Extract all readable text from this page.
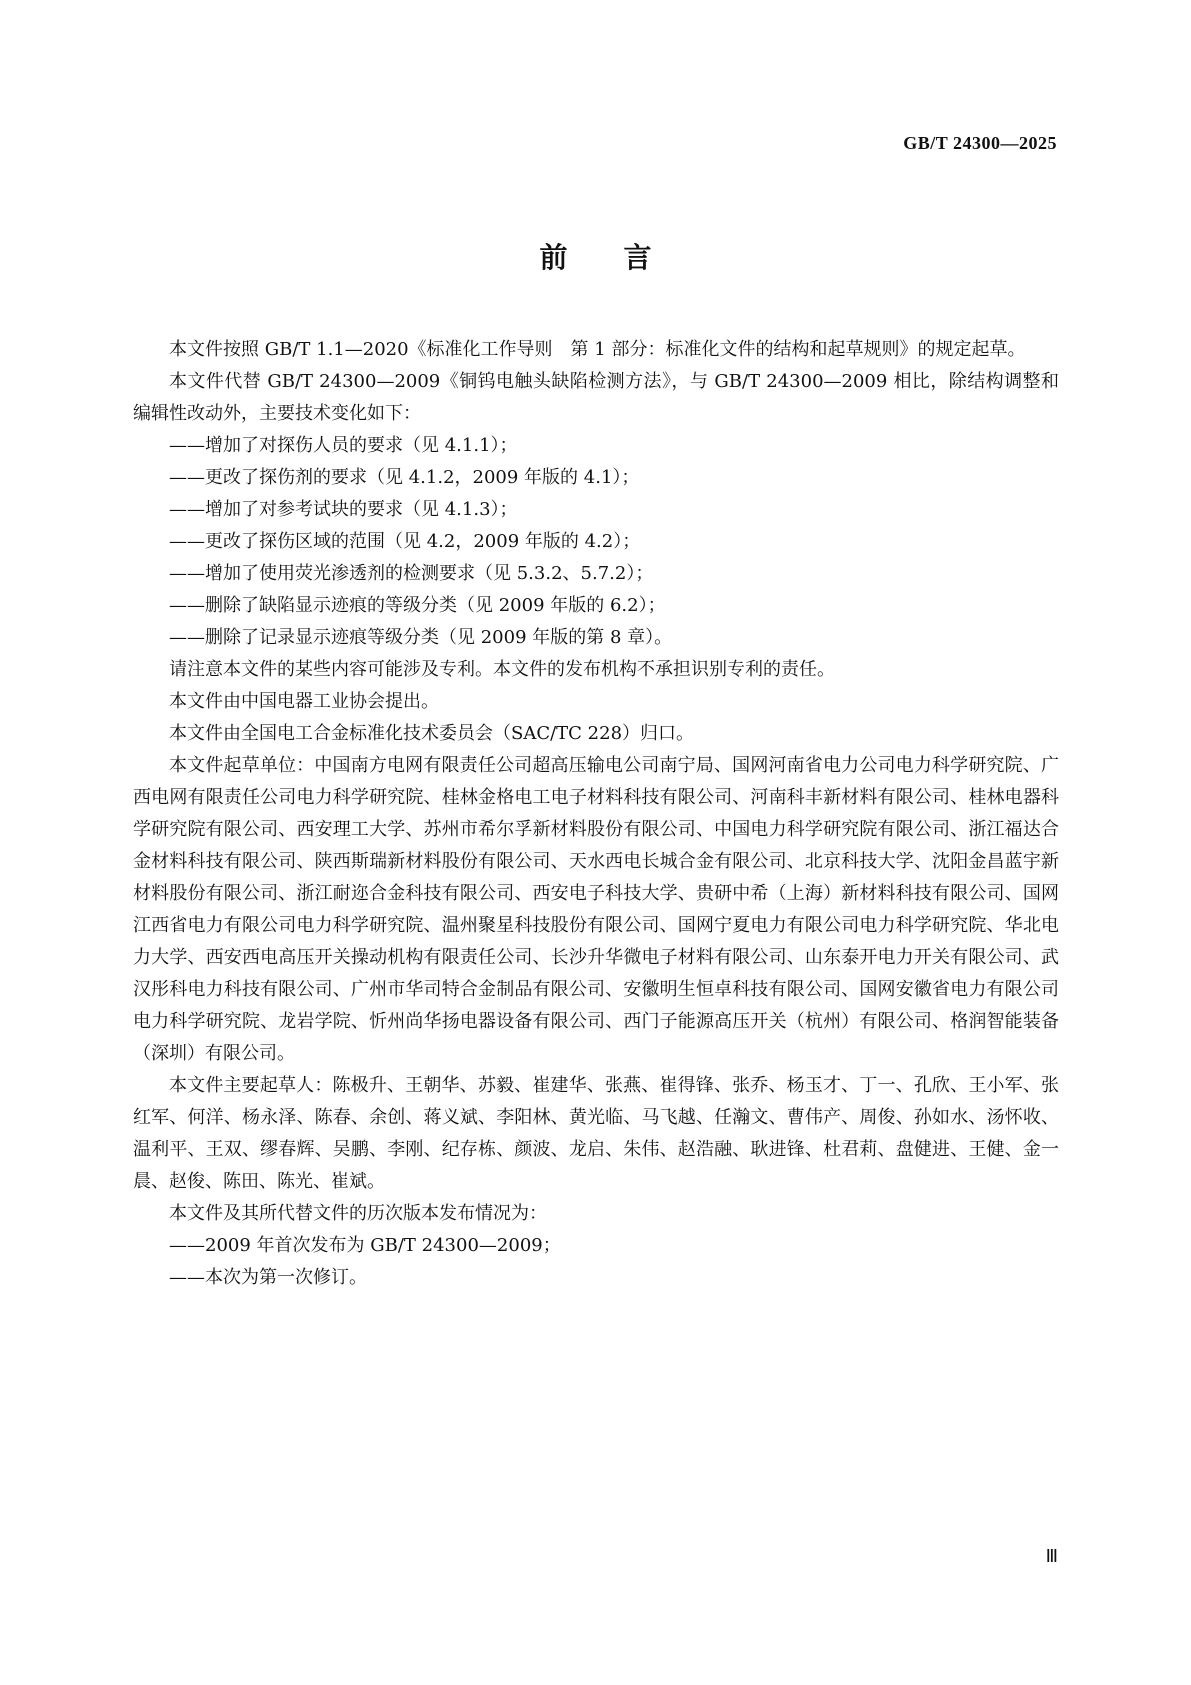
GB/T 24300—2025
前言

本文件按照 GB/T 1.1—2020《标准化工作导则　第 1 部分：标准化文件的结构和起草规则》的规定起草。

本文件代替 GB/T 24300—2009《铜钨电触头缺陷检测方法》，与 GB/T 24300—2009 相比，除结构调整和编辑性改动外，主要技术变化如下：

——增加了对探伤人员的要求（见 4.1.1）；

——更改了探伤剂的要求（见 4.1.2，2009 年版的 4.1）；

——增加了对参考试块的要求（见 4.1.3）；

——更改了探伤区域的范围（见 4.2，2009 年版的 4.2）；

——增加了使用荧光渗透剂的检测要求（见 5.3.2、5.7.2）；

——删除了缺陷显示迹痕的等级分类（见 2009 年版的 6.2）；

——删除了记录显示迹痕等级分类（见 2009 年版的第 8 章）。

请注意本文件的某些内容可能涉及专利。本文件的发布机构不承担识别专利的责任。

本文件由中国电器工业协会提出。

本文件由全国电工合金标准化技术委员会（SAC/TC 228）归口。

本文件起草单位：中国南方电网有限责任公司超高压输电公司南宁局、国网河南省电力公司电力科学研究院、广西电网有限责任公司电力科学研究院、桂林金格电工电子材料科技有限公司、河南科丰新材料有限公司、桂林电器科学研究院有限公司、西安理工大学、苏州市希尔孚新材料股份有限公司、中国电力科学研究院有限公司、浙江福达合金材料科技有限公司、陕西斯瑞新材料股份有限公司、天水西电长城合金有限公司、北京科技大学、沈阳金昌蓝宇新材料股份有限公司、浙江耐迩合金科技有限公司、西安电子科技大学、贵研中希（上海）新材料科技有限公司、国网江西省电力有限公司电力科学研究院、温州聚星科技股份有限公司、国网宁夏电力有限公司电力科学研究院、华北电力大学、西安西电高压开关操动机构有限责任公司、长沙升华微电子材料有限公司、山东泰开电力开关有限公司、武汉彤科电力科技有限公司、广州市华司特合金制品有限公司、安徽明生恒卓科技有限公司、国网安徽省电力有限公司电力科学研究院、龙岩学院、忻州尚华扬电器设备有限公司、西门子能源高压开关（杭州）有限公司、格润智能装备（深圳）有限公司。

本文件主要起草人：陈极升、王朝华、苏毅、崔建华、张燕、崔得锋、张乔、杨玉才、丁一、孔欣、王小军、张红军、何洋、杨永泽、陈春、余创、蒋义斌、李阳林、黄光临、马飞越、任瀚文、曹伟产、周俊、孙如水、汤怀收、温利平、王双、缪春辉、吴鹏、李刚、纪存栋、颜波、龙启、朱伟、赵浩融、耿进锋、杜君莉、盘健进、王健、金一晨、赵俊、陈田、陈光、崔斌。

本文件及其所代替文件的历次版本发布情况为：

——2009 年首次发布为 GB/T 24300—2009；

——本次为第一次修订。

Ⅲ
